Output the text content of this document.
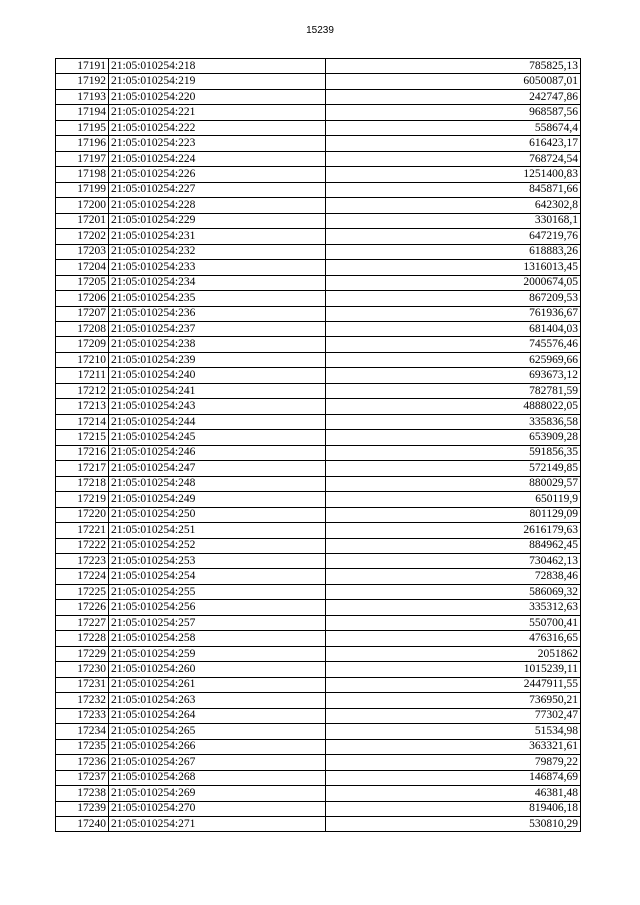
15239
17191	21:05:010254:218	785825,13
17192	21:05:010254:219	6050087,01
17193	21:05:010254:220	242747,86
17194	21:05:010254:221	968587,56
17195	21:05:010254:222	558674,4
17196	21:05:010254:223	616423,17
17197	21:05:010254:224	768724,54
17198	21:05:010254:226	1251400,83
17199	21:05:010254:227	845871,66
17200	21:05:010254:228	642302,8
17201	21:05:010254:229	330168,1
17202	21:05:010254:231	647219,76
17203	21:05:010254:232	618883,26
17204	21:05:010254:233	1316013,45
17205	21:05:010254:234	2000674,05
17206	21:05:010254:235	867209,53
17207	21:05:010254:236	761936,67
17208	21:05:010254:237	681404,03
17209	21:05:010254:238	745576,46
17210	21:05:010254:239	625969,66
17211	21:05:010254:240	693673,12
17212	21:05:010254:241	782781,59
17213	21:05:010254:243	4888022,05
17214	21:05:010254:244	335836,58
17215	21:05:010254:245	653909,28
17216	21:05:010254:246	591856,35
17217	21:05:010254:247	572149,85
17218	21:05:010254:248	880029,57
17219	21:05:010254:249	650119,9
17220	21:05:010254:250	801129,09
17221	21:05:010254:251	2616179,63
17222	21:05:010254:252	884962,45
17223	21:05:010254:253	730462,13
17224	21:05:010254:254	72838,46
17225	21:05:010254:255	586069,32
17226	21:05:010254:256	335312,63
17227	21:05:010254:257	550700,41
17228	21:05:010254:258	476316,65
17229	21:05:010254:259	2051862
17230	21:05:010254:260	1015239,11
17231	21:05:010254:261	2447911,55
17232	21:05:010254:263	736950,21
17233	21:05:010254:264	77302,47
17234	21:05:010254:265	51534,98
17235	21:05:010254:266	363321,61
17236	21:05:010254:267	79879,22
17237	21:05:010254:268	146874,69
17238	21:05:010254:269	46381,48
17239	21:05:010254:270	819406,18
17240	21:05:010254:271	530810,29
